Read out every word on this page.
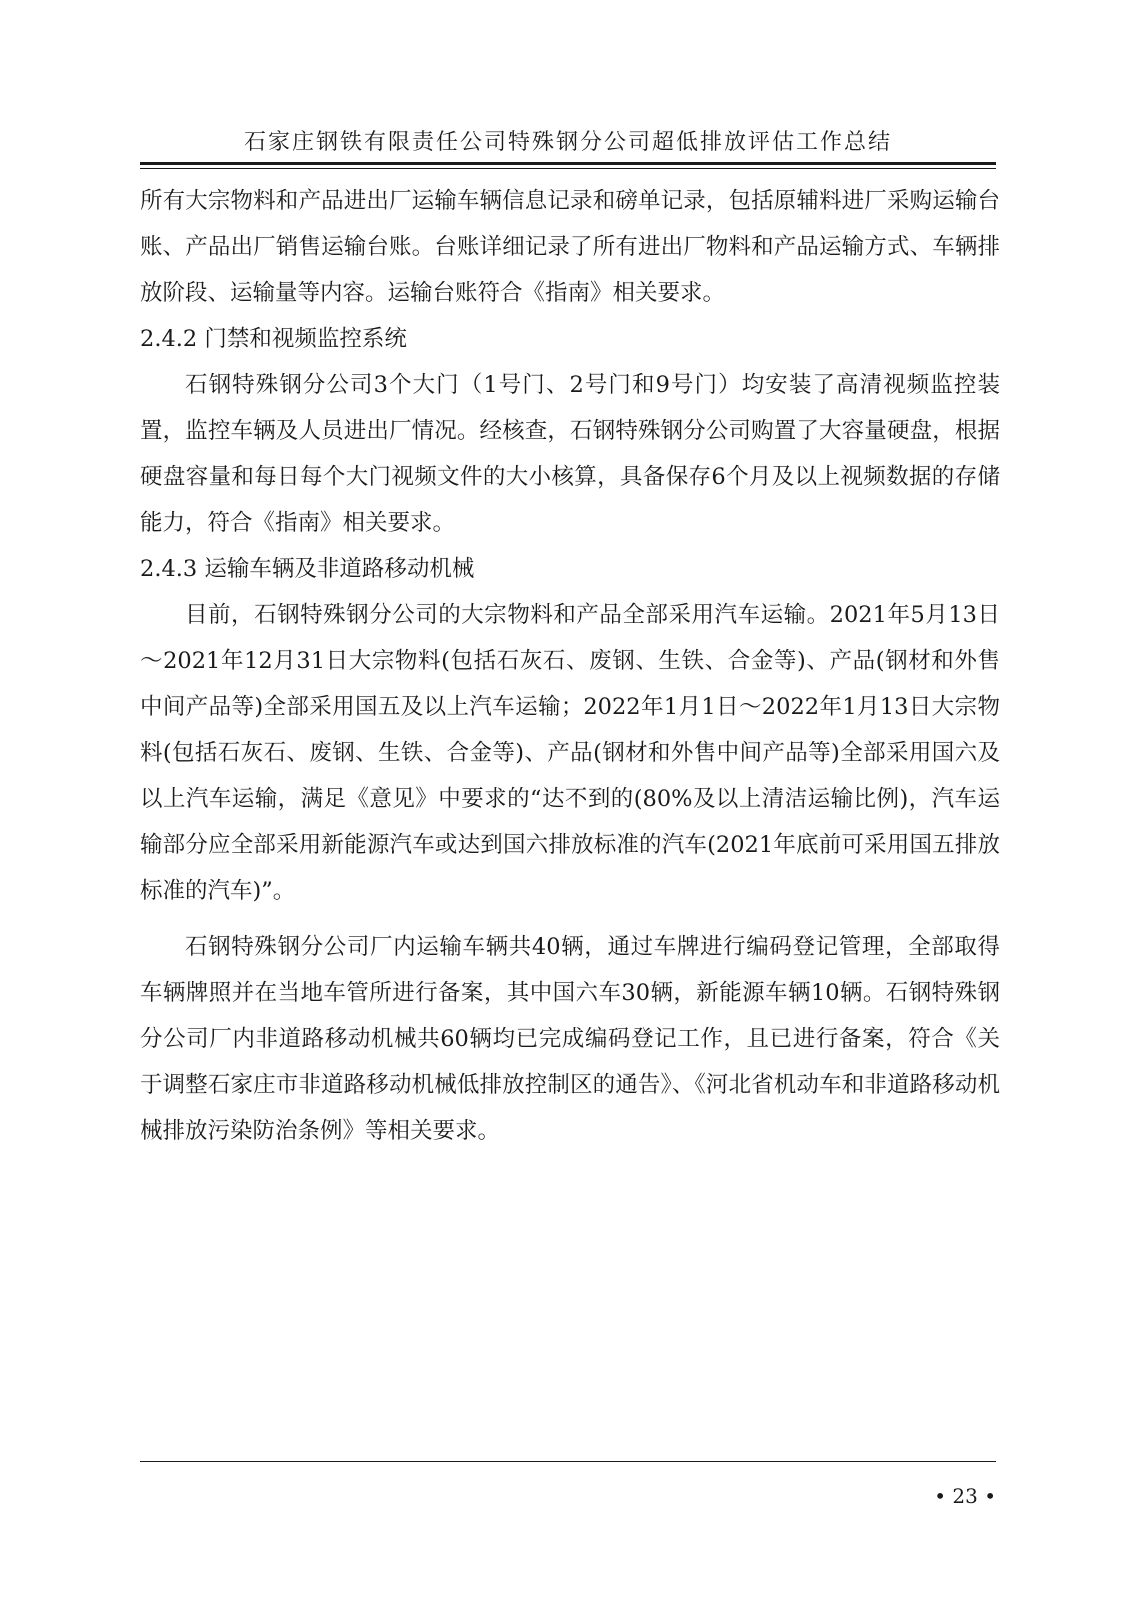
石家庄钢铁有限责任公司特殊钢分公司超低排放评估工作总结

所有大宗物料和产品进出厂运输车辆信息记录和磅单记录，包括原辅料进厂采购运输台账、产品出厂销售运输台账。台账详细记录了所有进出厂物料和产品运输方式、车辆排放阶段、运输量等内容。运输台账符合《指南》相关要求。

2.4.2 门禁和视频监控系统

石钢特殊钢分公司3个大门（1号门、2号门和9号门）均安装了高清视频监控装置，监控车辆及人员进出厂情况。经核查，石钢特殊钢分公司购置了大容量硬盘，根据硬盘容量和每日每个大门视频文件的大小核算，具备保存6个月及以上视频数据的存储能力，符合《指南》相关要求。

2.4.3 运输车辆及非道路移动机械

目前，石钢特殊钢分公司的大宗物料和产品全部采用汽车运输。2021年5月13日～2021年12月31日大宗物料(包括石灰石、废钢、生铁、合金等)、产品(钢材和外售中间产品等)全部采用国五及以上汽车运输；2022年1月1日～2022年1月13日大宗物料(包括石灰石、废钢、生铁、合金等)、产品(钢材和外售中间产品等)全部采用国六及以上汽车运输，满足《意见》中要求的“达不到的(80%及以上清洁运输比例)，汽车运输部分应全部采用新能源汽车或达到国六排放标准的汽车(2021年底前可采用国五排放标准的汽车)”。

石钢特殊钢分公司厂内运输车辆共40辆，通过车牌进行编码登记管理，全部取得车辆牌照并在当地车管所进行备案，其中国六车30辆，新能源车辆10辆。石钢特殊钢分公司厂内非道路移动机械共60辆均已完成编码登记工作，且已进行备案，符合《关于调整石家庄市非道路移动机械低排放控制区的通告》、《河北省机动车和非道路移动机械排放污染防治条例》等相关要求。

• 23 •
